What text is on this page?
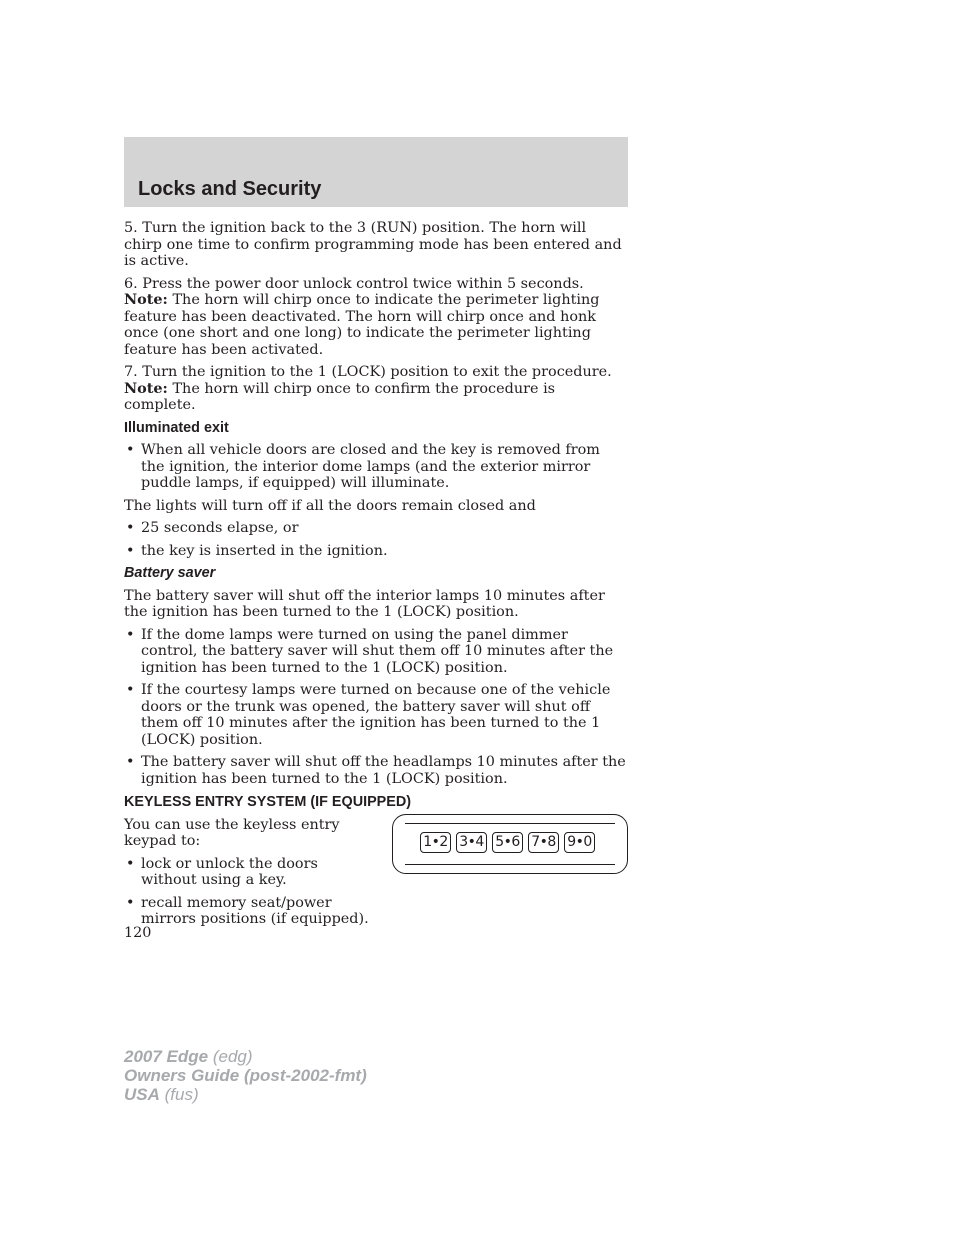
Locks and Security

5. Turn the ignition back to the 3 (RUN) position. The horn will chirp one time to confirm programming mode has been entered and is active.

6. Press the power door unlock control twice within 5 seconds. Note: The horn will chirp once to indicate the perimeter lighting feature has been deactivated. The horn will chirp once and honk once (one short and one long) to indicate the perimeter lighting feature has been activated.

7. Turn the ignition to the 1 (LOCK) position to exit the procedure. Note: The horn will chirp once to confirm the procedure is complete.

Illuminated exit
• When all vehicle doors are closed and the key is removed from the ignition, the interior dome lamps (and the exterior mirror puddle lamps, if equipped) will illuminate.

The lights will turn off if all the doors remain closed and

• 25 seconds elapse, or
• the key is inserted in the ignition.
Battery saver

The battery saver will shut off the interior lamps 10 minutes after the ignition has been turned to the 1 (LOCK) position.

• If the dome lamps were turned on using the panel dimmer control, the battery saver will shut them off 10 minutes after the ignition has been turned to the 1 (LOCK) position.
• If the courtesy lamps were turned on because one of the vehicle doors or the trunk was opened, the battery saver will shut off them off 10 minutes after the ignition has been turned to the 1 (LOCK) position.
• The battery saver will shut off the headlamps 10 minutes after the ignition has been turned to the 1 (LOCK) position.
KEYLESS ENTRY SYSTEM (IF EQUIPPED)

You can use the keyless entry keypad to:

• lock or unlock the doors without using a key.
• recall memory seat/power mirrors positions (if equipped).
1•2 3•4 5•6 7•8 9•0

120

2007 Edge (edg)
Owners Guide (post-2002-fmt)
USA (fus)
